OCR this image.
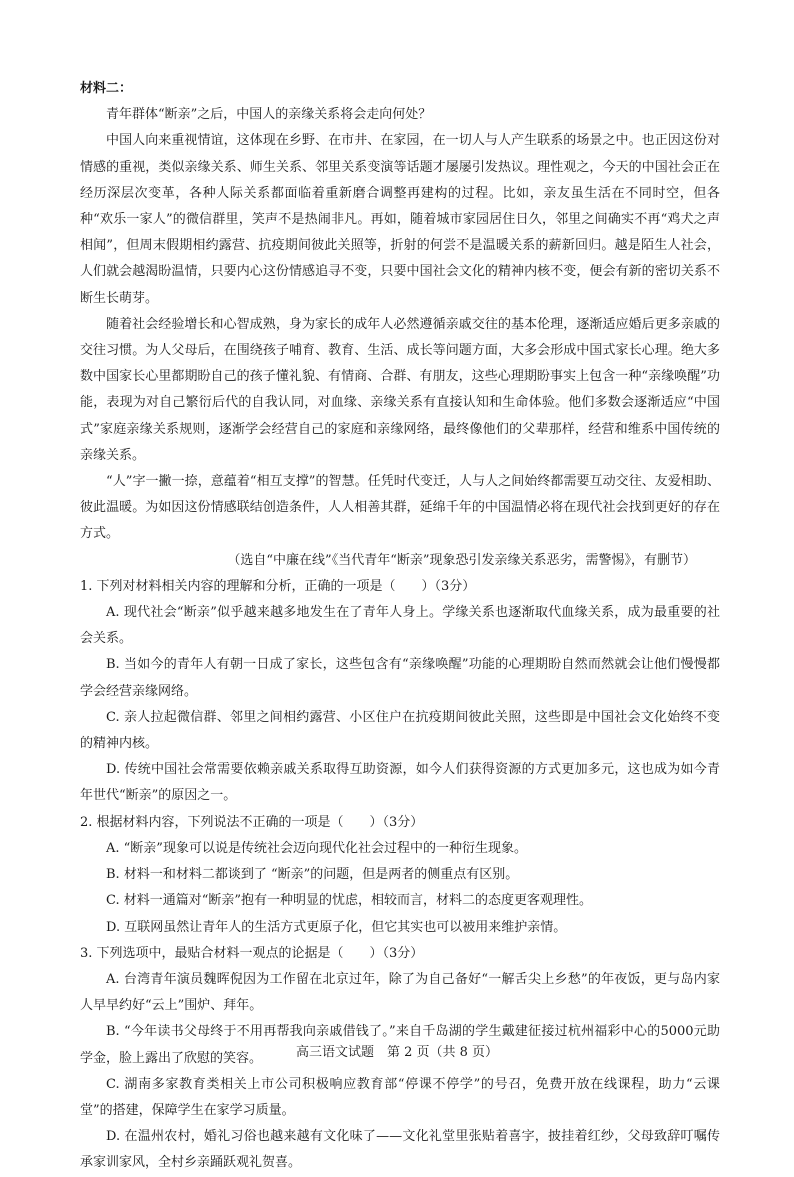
材料二：

青年群体“断亲”之后，中国人的亲缘关系将会走向何处？

中国人向来重视情谊，这体现在乡野、在市井、在家园，在一切人与人产生联系的场景之中。也正因这份对情感的重视，类似亲缘关系、师生关系、邻里关系变演等话题才屡屡引发热议。理性观之，今天的中国社会正在经历深层次变革，各种人际关系都面临着重新磨合调整再建构的过程。比如，亲友虽生活在不同时空，但各种“欢乐一家人”的微信群里，笑声不是热闹非凡。再如，随着城市家园居住日久，邻里之间确实不再“鸡犬之声相闻”，但周末假期相约露营、抗疫期间彼此关照等，折射的何尝不是温暖关系的薪新回归。越是陌生人社会，人们就会越渴盼温情，只要内心这份情感追寻不变，只要中国社会文化的精神内核不变，便会有新的密切关系不断生长萌芽。

随着社会经验增长和心智成熟，身为家长的成年人必然遵循亲戚交往的基本伦理，逐渐适应婚后更多亲戚的交往习惯。为人父母后，在围绕孩子哺育、教育、生活、成长等问题方面，大多会形成中国式家长心理。绝大多数中国家长心里都期盼自己的孩子懂礼貌、有情商、合群、有朋友，这些心理期盼事实上包含一种“亲缘唤醒”功能，表现为对自己繁衍后代的自我认同，对血缘、亲缘关系有直接认知和生命体验。他们多数会逐渐适应“中国式”家庭亲缘关系规则，逐渐学会经营自己的家庭和亲缘网络，最终像他们的父辈那样，经营和维系中国传统的亲缘关系。

“人”字一撇一捺，意蕴着“相互支撑”的智慧。任凭时代变迁，人与人之间始终都需要互动交往、友爱相助、彼此温暖。为如因这份情感联结创造条件，人人相善其群，延绵千年的中国温情必将在现代社会找到更好的存在方式。

（选自“中廉在线”《当代青年“断亲”现象恐引发亲缘关系恶劣，需警惕》，有删节）

1. 下列对材料相关内容的理解和分析，正确的一项是（　　）（3分）

A. 现代社会“断亲”似乎越来越多地发生在了青年人身上。学缘关系也逐渐取代血缘关系，成为最重要的社会关系。

B. 当如今的青年人有朝一日成了家长，这些包含有“亲缘唤醒”功能的心理期盼自然而然就会让他们慢慢都学会经营亲缘网络。

C. 亲人拉起微信群、邻里之间相约露营、小区住户在抗疫期间彼此关照，这些即是中国社会文化始终不变的精神内核。

D. 传统中国社会常需要依赖亲戚关系取得互助资源，如今人们获得资源的方式更加多元，这也成为如今青年世代“断亲”的原因之一。

2. 根据材料内容，下列说法不正确的一项是（　　）（3分）

A. “断亲”现象可以说是传统社会迈向现代化社会过程中的一种衍生现象。

B. 材料一和材料二都谈到了 “断亲”的问题，但是两者的侧重点有区别。

C. 材料一通篇对“断亲”抱有一种明显的忧虑，相较而言，材料二的态度更客观理性。

D. 互联网虽然让青年人的生活方式更原子化，但它其实也可以被用来维护亲情。

3. 下列选项中，最贴合材料一观点的论据是（　　）（3分）

A. 台湾青年演员魏晖倪因为工作留在北京过年，除了为自己备好“一解舌尖上乡愁”的年夜饭，更与岛内家人早早约好“云上”围炉、拜年。

B. “今年读书父母终于不用再帮我向亲戚借钱了。”来自千岛湖的学生戴建征接过杭州福彩中心的5000元助学金，脸上露出了欣慰的笑容。

C. 湖南多家教育类相关上市公司积极响应教育部“停课不停学”的号召，免费开放在线课程，助力“云课堂”的搭建，保障学生在家学习质量。

D. 在温州农村，婚礼习俗也越来越有文化味了——文化礼堂里张贴着喜字，披挂着红纱，父母致辞叮嘱传承家训家风，全村乡亲踊跃观礼贺喜。

高三语文试题　第 2 页（共 8 页）
